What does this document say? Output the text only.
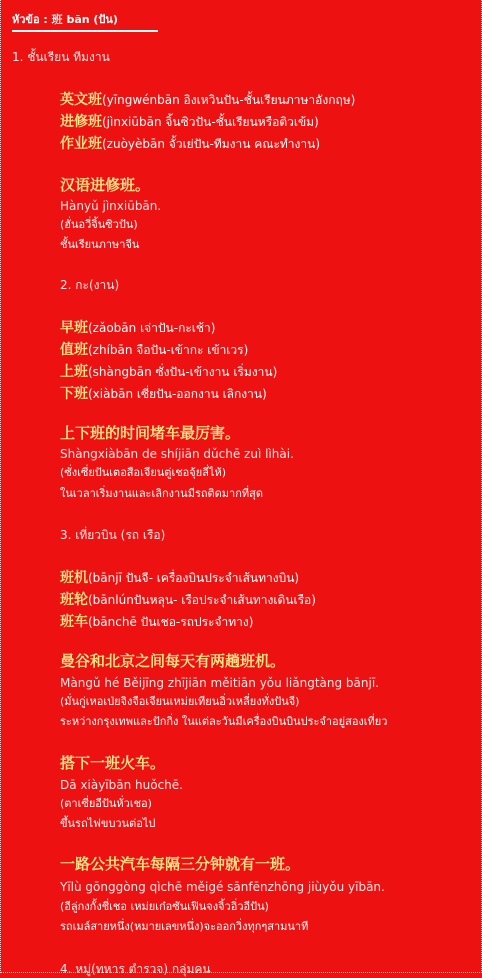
หัวข้อ : 班 bān (ปัน)
1. ชั้นเรียน ทีมงาน
英文班(yīngwénbān อิงเหวินปัน-ชั้นเรียนภาษาอังกฤษ)
进修班(jìnxiūbān จิ้นซิวปัน-ชั้นเรียนหรือติวเข้ม)
作业班(zuòyèbān จั้วเย่ปัน-ทีมงาน คณะทำงาน)
汉语进修班。
Hànyǔ jìnxiūbān.
(ฮั่นอวี่จิ้นซิวปัน)
ชั้นเรียนภาษาจีน
2. กะ(งาน)
早班(zǎobān เจ่าปัน-กะเช้า)
值班(zhíbān จือปัน-เข้ากะ เข้าเวร)
上班(shàngbān ซั่งปัน-เข้างาน เริ่มงาน)
下班(xiàbān เซี่ยปัน-ออกงาน เลิกงาน)
上下班的时间堵车最厉害。
Shàngxiàbān de shíjiān dǔchē zuì lìhài.
(ซั่งเซี่ยปันเตอสือเจียนตู่เชอจุ้ยลี่ไห้)
ในเวลาเริ่มงานและเลิกงานมีรถติดมากที่สุด
3. เที่ยวบิน (รถ เรือ)
班机(bānjī ปันจี- เครื่องบินประจำเส้นทางบิน)
班轮(bānlúnปันหลุน- เรือประจำเส้นทางเดินเรือ)
班车(bānchē ปันเชอ-รถประจำทาง)
曼谷和北京之间每天有两趟班机。
Màngǔ hé Běijīng zhījiān měitiān yǒu liǎngtàng bānjī.
(มั่นกู่เหอเป่ยจิงจือเจียนเหม่ยเทียนอิ่วเหลี่ยงทั่งปันจี)
ระหว่างกรุงเทพและปักกิ่ง ในแต่ละวันมีเครื่องบินบินประจำอยู่สองเที่ยว
搭下一班火车。
Dā xiàyībān huǒchē.
(ตาเซี่ยอีปันหั่วเชอ)
ขึ้นรถไฟขบวนต่อไป
一路公共汽车每隔三分钟就有一班。
Yīlù gōnggòng qìchē měigé sānfēnzhōng jiùyǒu yībān.
(อีลู่กงกั้งชี่เชอ เหม่ยเก๋อซันเฟินจงจิ้วอิ่วอีปัน)
รถเมล์สายหนึ่ง(หมายเลขหนึ่ง)จะออกวิ่งทุกๆสามนาที
4. หมู่(ทหาร ตำรวจ) กลุ่มคน
